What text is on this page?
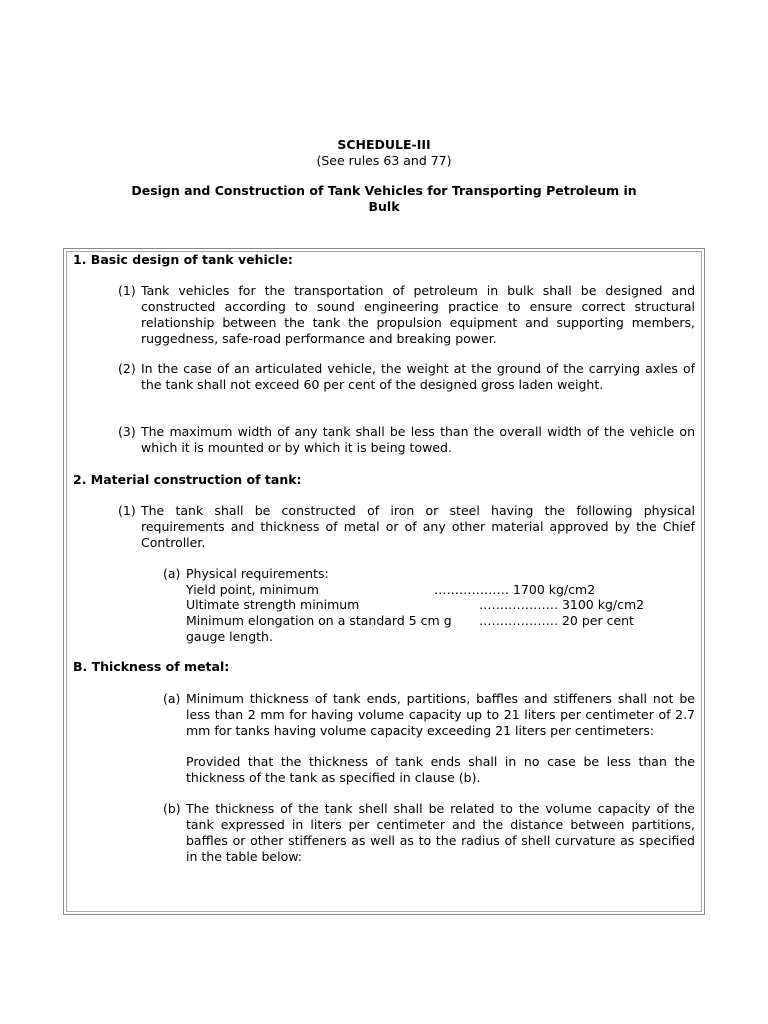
SCHEDULE-III
(See rules 63 and 77)
Design and Construction of Tank Vehicles for Transporting Petroleum in Bulk
1. Basic design of tank vehicle:
(1) Tank vehicles for the transportation of petroleum in bulk shall be designed and constructed according to sound engineering practice to ensure correct structural relationship between the tank the propulsion equipment and supporting members, ruggedness, safe-road performance and breaking power.
(2) In the case of an articulated vehicle, the weight at the ground of the carrying axles of the tank shall not exceed 60 per cent of the designed gross laden weight.
(3) The maximum width of any tank shall be less than the overall width of the vehicle on which it is mounted or by which it is being towed.
2. Material construction of tank:
(1) The tank shall be constructed of iron or steel having the following physical requirements and thickness of metal or of any other material approved by the Chief Controller.
(a) Physical requirements:
Yield point, minimum	……………… 1700 kg/cm2
Ultimate strength minimum	………………. 3100 kg/cm2
Minimum elongation on a standard 5 cm g ………………. 20 per cent
gauge length.
B. Thickness of metal:
(a) Minimum thickness of tank ends, partitions, baffles and stiffeners shall not be less than 2 mm for having volume capacity up to 21 liters per centimeter of 2.7 mm for tanks having volume capacity exceeding 21 liters per centimeters:
Provided that the thickness of tank ends shall in no case be less than the thickness of the tank as specified in clause (b).
(b) The thickness of the tank shell shall be related to the volume capacity of the tank expressed in liters per centimeter and the distance between partitions, baffles or other stiffeners as well as to the radius of shell curvature as specified in the table below:
